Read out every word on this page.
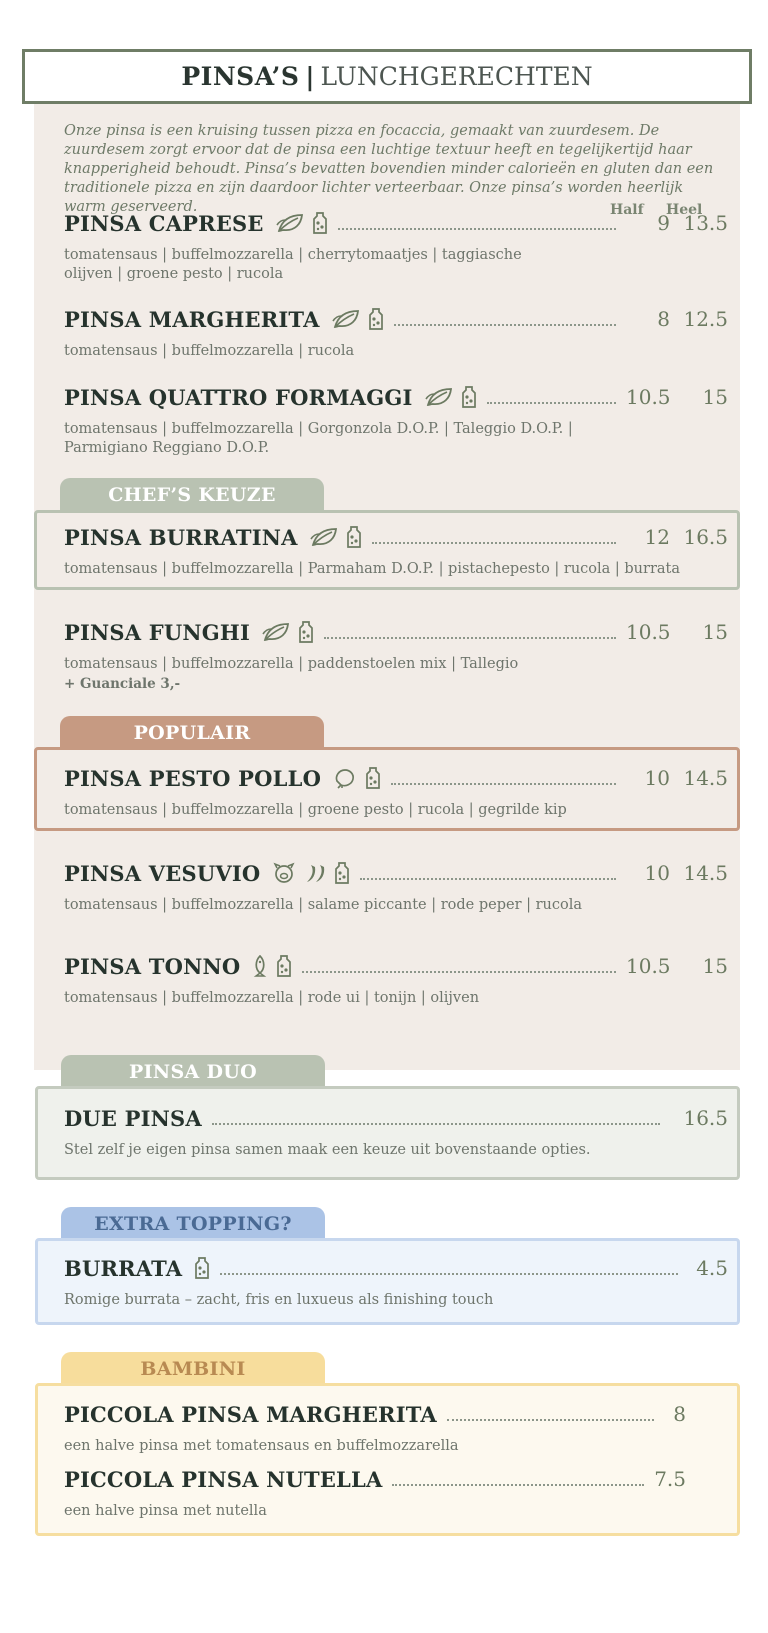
PINSA’S | LUNCHGERECHTEN

Onze pinsa is een kruising tussen pizza en focaccia, gemaakt van zuurdesem. De zuurdesem zorgt ervoor dat de pinsa een luchtige textuur heeft en tegelijkertijd haar knapperigheid behoudt. Pinsa’s bevatten bovendien minder calorieën en gluten dan een traditionele pizza en zijn daardoor lichter verteerbaar. Onze pinsa’s worden heerlijk warm geserveerd.	Half Heel
PINSA CAPRESE	9 13.5
tomatensaus | buffelmozzarella | cherrytomaatjes | taggiasche olijven | groene pesto | rucola
PINSA MARGHERITA	8 12.5
tomatensaus | buffelmozzarella | rucola
PINSA QUATTRO FORMAGGI	10.5	15
tomatensaus | buffelmozzarella | Gorgonzola D.O.P. | Taleggio D.O.P. | Parmigiano Reggiano D.O.P.
CHEF’S KEUZE
PINSA BURRATINA	12 16.5
tomatensaus | buffelmozzarella | Parmaham D.O.P. | pistachepesto | rucola | burrata
PINSA FUNGHI	10.5	15
tomatensaus | buffelmozzarella | paddenstoelen mix | Tallegio
+ Guanciale 3,-
POPULAIR
PINSA PESTO POLLO	10 14.5
tomatensaus | buffelmozzarella | groene pesto | rucola | gegrilde kip
PINSA VESUVIO	10 14.5
tomatensaus | buffelmozzarella | salame piccante | rode peper | rucola
PINSA TONNO	10.5	15
tomatensaus | buffelmozzarella | rode ui | tonijn | olijven
PINSA DUO
DUE PINSA	16.5
Stel zelf je eigen pinsa samen maak een keuze uit bovenstaande opties.
EXTRA TOPPING?
BURRATA	4.5
Romige burrata – zacht, fris en luxueus als finishing touch
BAMBINI
PICCOLA PINSA MARGHERITA	8
een halve pinsa met tomatensaus en buffelmozzarella
PICCOLA PINSA NUTELLA	7.5
een halve pinsa met nutella
